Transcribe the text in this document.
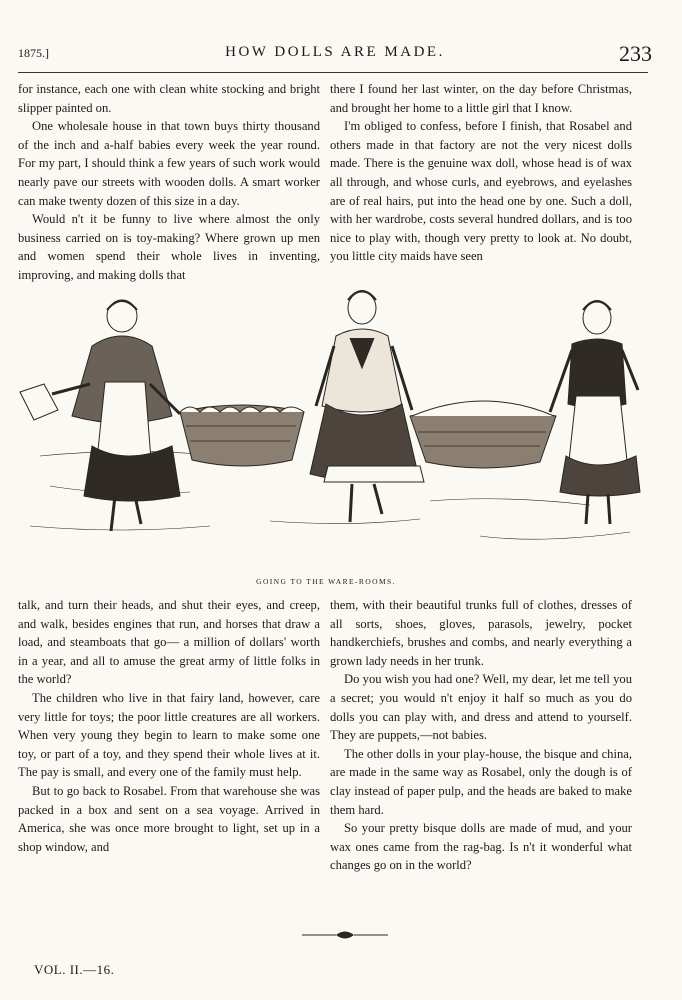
1875.]	HOW DOLLS ARE MADE.	233

for instance, each one with clean white stocking and bright slipper painted on.

One wholesale house in that town buys thirty thousand of the inch and a-half babies every week the year round. For my part, I should think a few years of such work would nearly pave our streets with wooden dolls. A smart worker can make twenty dozen of this size in a day.

Would n't it be funny to live where almost the only business carried on is toy-making? Where grown up men and women spend their whole lives in inventing, improving, and making dolls that

there I found her last winter, on the day before Christmas, and brought her home to a little girl that I know.

I'm obliged to confess, before I finish, that Rosabel and others made in that factory are not the very nicest dolls made. There is the genuine wax doll, whose head is of wax all through, and whose curls, and eyebrows, and eyelashes are of real hairs, put into the head one by one. Such a doll, with her wardrobe, costs several hundred dollars, and is too nice to play with, though very pretty to look at. No doubt, you little city maids have seen

GOING TO THE WARE-ROOMS.

talk, and turn their heads, and shut their eyes, and creep, and walk, besides engines that run, and horses that draw a load, and steamboats that go— a million of dollars' worth in a year, and all to amuse the great army of little folks in the world?

The children who live in that fairy land, however, care very little for toys; the poor little creatures are all workers. When very young they begin to learn to make some one toy, or part of a toy, and they spend their whole lives at it. The pay is small, and every one of the family must help.

But to go back to Rosabel. From that warehouse she was packed in a box and sent on a sea voyage. Arrived in America, she was once more brought to light, set up in a shop window, and

them, with their beautiful trunks full of clothes, dresses of all sorts, shoes, gloves, parasols, jewelry, pocket handkerchiefs, brushes and combs, and nearly everything a grown lady needs in her trunk.

Do you wish you had one? Well, my dear, let me tell you a secret; you would n't enjoy it half so much as you do dolls you can play with, and dress and attend to yourself. They are puppets,—not babies.

The other dolls in your play-house, the bisque and china, are made in the same way as Rosabel, only the dough is of clay instead of paper pulp, and the heads are baked to make them hard.

So your pretty bisque dolls are made of mud, and your wax ones came from the rag-bag. Is n't it wonderful what changes go on in the world?

VOL. II.—16.
